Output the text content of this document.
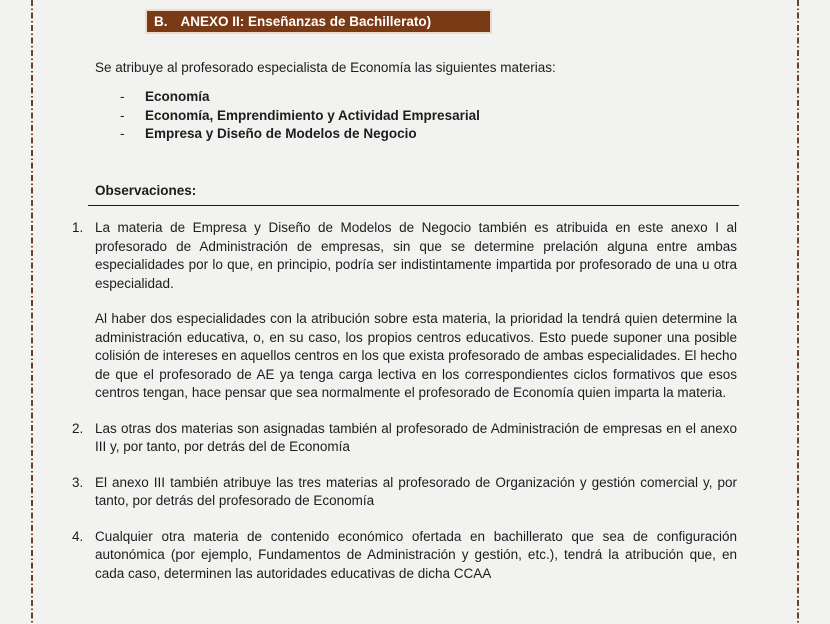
B. ANEXO II: Enseñanzas de Bachillerato)
Se atribuye al profesorado especialista de Economía las siguientes materias:
-	Economía
-	Economía, Emprendimiento y Actividad Empresarial
-	Empresa y Diseño de Modelos de Negocio
Observaciones:
1. La materia de Empresa y Diseño de Modelos de Negocio también es atribuida en este anexo I al profesorado de Administración de empresas, sin que se determine prelación alguna entre ambas especialidades por lo que, en principio, podría ser indistintamente impartida por profesorado de una u otra especialidad.

Al haber dos especialidades con la atribución sobre esta materia, la prioridad la tendrá quien determine la administración educativa, o, en su caso, los propios centros educativos. Esto puede suponer una posible colisión de intereses en aquellos centros en los que exista profesorado de ambas especialidades. El hecho de que el profesorado de AE ya tenga carga lectiva en los correspondientes ciclos formativos que esos centros tengan, hace pensar que sea normalmente el profesorado de Economía quien imparta la materia.

2. Las otras dos materias son asignadas también al profesorado de Administración de empresas en el anexo III y, por tanto, por detrás del de Economía

3. El anexo III también atribuye las tres materias al profesorado de Organización y gestión comercial y, por tanto, por detrás del profesorado de Economía

4. Cualquier otra materia de contenido económico ofertada en bachillerato que sea de configuración autonómica (por ejemplo, Fundamentos de Administración y gestión, etc.), tendrá la atribución que, en cada caso, determinen las autoridades educativas de dicha CCAA
